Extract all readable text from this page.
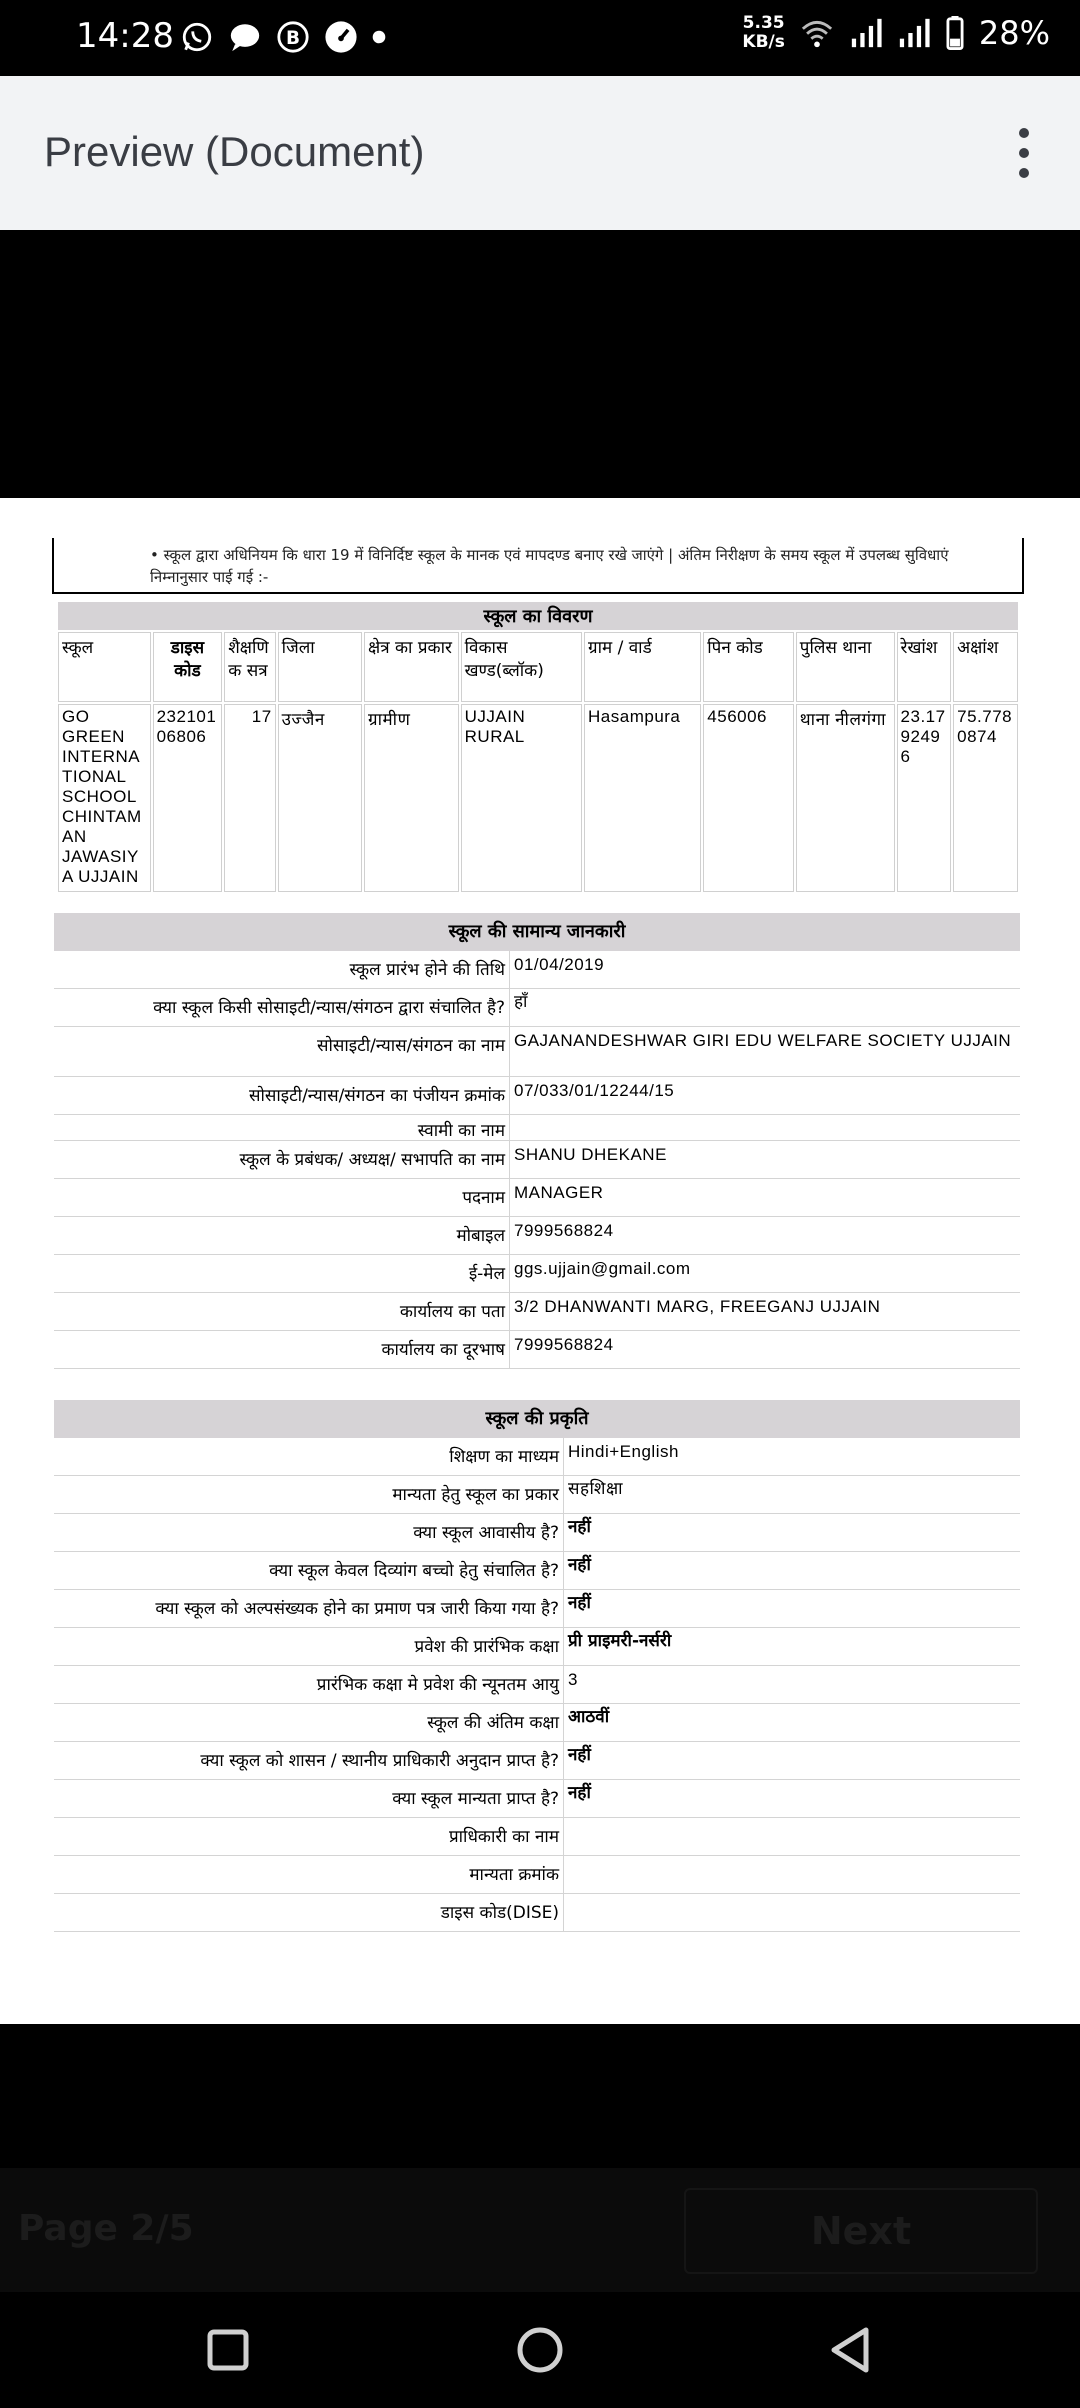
14:28	B
5.35
KB/s	28%
Preview (Document)
• स्कूल द्वारा अधिनियम कि धारा 19 में विनिर्दिष्ट स्कूल के मानक एवं मापदण्ड बनाए रखे जाएंगे | अंतिम निरीक्षण के समय स्कूल में उपलब्ध सुविधाएं निम्नानुसार पाई गई :-
स्कूल का विवरण										
स्कूल	डाइस कोड	शैक्षणि क सत्र	जिला	क्षेत्र का प्रकार	विकास खण्ड(ब्लॉक)	ग्राम / वार्ड	पिन कोड	पुलिस थाना	रेखांश	अक्षांश
GO GREEN INTERNA TIONAL SCHOOL CHINTAM AN JAWASIY A UJJAIN	232101 06806	17	उज्जैन	ग्रामीण	UJJAIN RURAL	Hasampura	456006	थाना नीलगंगा	23.17 9249 6	75.778 0874
स्कूल की सामान्य जानकारी
स्कूल प्रारंभ होने की तिथि 01/04/2019
क्या स्कूल किसी सोसाइटी/न्यास/संगठन द्वारा संचालित है? हाँ
सोसाइटी/न्यास/संगठन का नाम GAJANANDESHWAR GIRI EDU WELFARE SOCIETY UJJAIN
सोसाइटी/न्यास/संगठन का पंजीयन क्रमांक 07/033/01/12244/15
स्वामी का नाम
स्कूल के प्रबंधक/ अध्यक्ष/ सभापति का नाम SHANU DHEKANE
पदनाम MANAGER
मोबाइल 7999568824
ई-मेल ggs.ujjain@gmail.com
कार्यालय का पता 3/2 DHANWANTI MARG, FREEGANJ UJJAIN
कार्यालय का दूरभाष 7999568824
स्कूल की प्रकृति
शिक्षण का माध्यम Hindi+English
मान्यता हेतु स्कूल का प्रकार सहशिक्षा
क्या स्कूल आवासीय है? नहीं
क्या स्कूल केवल दिव्यांग बच्चो हेतु संचालित है? नहीं
क्या स्कूल को अल्पसंख्यक होने का प्रमाण पत्र जारी किया गया है? नहीं
प्रवेश की प्रारंभिक कक्षा प्री प्राइमरी-नर्सरी
प्रारंभिक कक्षा मे प्रवेश की न्यूनतम आयु 3
स्कूल की अंतिम कक्षा आठवीं
क्या स्कूल को शासन / स्थानीय प्राधिकारी अनुदान प्राप्त है? नहीं
क्या स्कूल मान्यता प्राप्त है? नहीं
प्राधिकारी का नाम
मान्यता क्रमांक
डाइस कोड(DISE)
Page 2/5	Next
